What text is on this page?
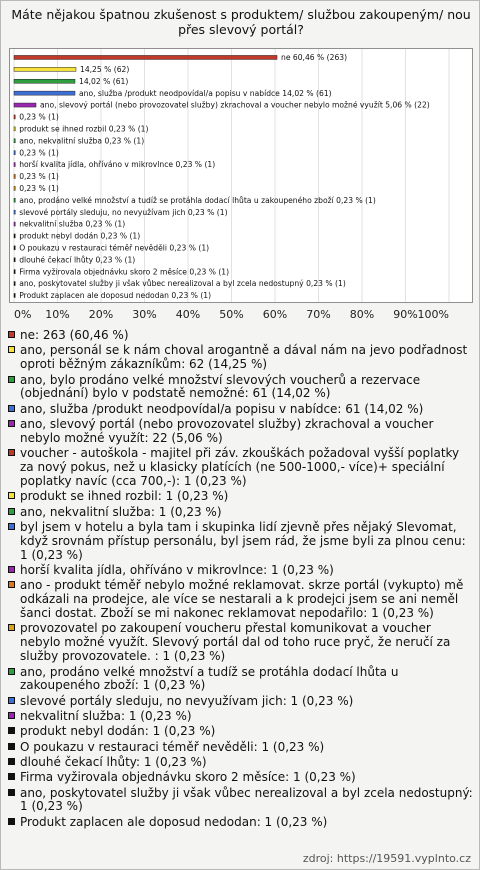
Máte nějakou špatnou zkušenost s produktem/ službou zakoupeným/ nou přes slevový portál?
ne 60,46 % (263)
14,25 % (62)
14,02 % (61)
ano, služba /produkt neodpovídal/a popisu v nabídce 14,02 % (61)
ano, slevový portál (nebo provozovatel služby) zkrachoval a voucher nebylo možné využít 5,06 % (22)
0,23 % (1)
produkt se ihned rozbil 0,23 % (1)
ano, nekvalitní služba 0,23 % (1)
0,23 % (1)
horší kvalita jídla, ohříváno v mikrovlnce 0,23 % (1)
0,23 % (1)
0,23 % (1)
ano, prodáno velké množství a tudíž se protáhla dodací lhůta u zakoupeného zboží 0,23 % (1)
slevové portály sleduju, no nevyužívam jich 0,23 % (1)
nekvalitní služba 0,23 % (1)
produkt nebyl dodán 0,23 % (1)
O poukazu v restauraci téměř nevěděli 0,23 % (1)
dlouhé čekací lhůty 0,23 % (1)
Firma vyžirovala objednávku skoro 2 měsíce 0,23 % (1)
ano, poskytovatel služby ji však vůbec nerealizoval a byl zcela nedostupný 0,23 % (1)
Produkt zaplacen ale doposud nedodan 0,23 % (1)
0% 10% 20% 30% 40% 50% 60% 70% 80% 90% 100%
ne: 263 (60,46 %)
ano, personál se k nám choval arogantně a dával nám na jevo podřadnost oproti běžným zákazníkům: 62 (14,25 %)
ano, bylo prodáno velké množství slevových voucherů a rezervace (objednání) bylo v podstatě nemožné: 61 (14,02 %)
ano, služba /produkt neodpovídal/a popisu v nabídce: 61 (14,02 %)
ano, slevový portál (nebo provozovatel služby) zkrachoval a voucher nebylo možné využít: 22 (5,06 %)
voucher - autoškola - majitel při záv. zkouškách požadoval vyšší poplatky za nový pokus, než u klasicky platících (ne 500-1000,- více)+ speciální poplatky navíc (cca 700,-): 1 (0,23 %)
produkt se ihned rozbil: 1 (0,23 %)
ano, nekvalitní služba: 1 (0,23 %)
byl jsem v hotelu a byla tam i skupinka lidí zjevně přes nějaký Slevomat, když srovnám přístup personálu, byl jsem rád, že jsme byli za plnou cenu: 1 (0,23 %)
horší kvalita jídla, ohříváno v mikrovlnce: 1 (0,23 %)
ano - produkt téměř nebylo možné reklamovat. skrze portál (vykupto) mě odkázali na prodejce, ale více se nestarali a k prodejci jsem se ani neměl šanci dostat. Zboží se mi nakonec reklamovat nepodařilo: 1 (0,23 %)
provozovatel po zakoupení voucheru přestal komunikovat a voucher nebylo možné využít. Slevový portál dal od toho ruce pryč, že neručí za služby provozovatele. : 1 (0,23 %)
ano, prodáno velké množství a tudíž se protáhla dodací lhůta u zakoupeného zboží: 1 (0,23 %)
slevové portály sleduju, no nevyužívam jich: 1 (0,23 %)
nekvalitní služba: 1 (0,23 %)
produkt nebyl dodán: 1 (0,23 %)
O poukazu v restauraci téměř nevěděli: 1 (0,23 %)
dlouhé čekací lhůty: 1 (0,23 %)
Firma vyžirovala objednávku skoro 2 měsíce: 1 (0,23 %)
ano, poskytovatel služby ji však vůbec nerealizoval a byl zcela nedostupný: 1 (0,23 %)
Produkt zaplacen ale doposud nedodan: 1 (0,23 %)
zdroj: https://19591.vyplnto.cz
